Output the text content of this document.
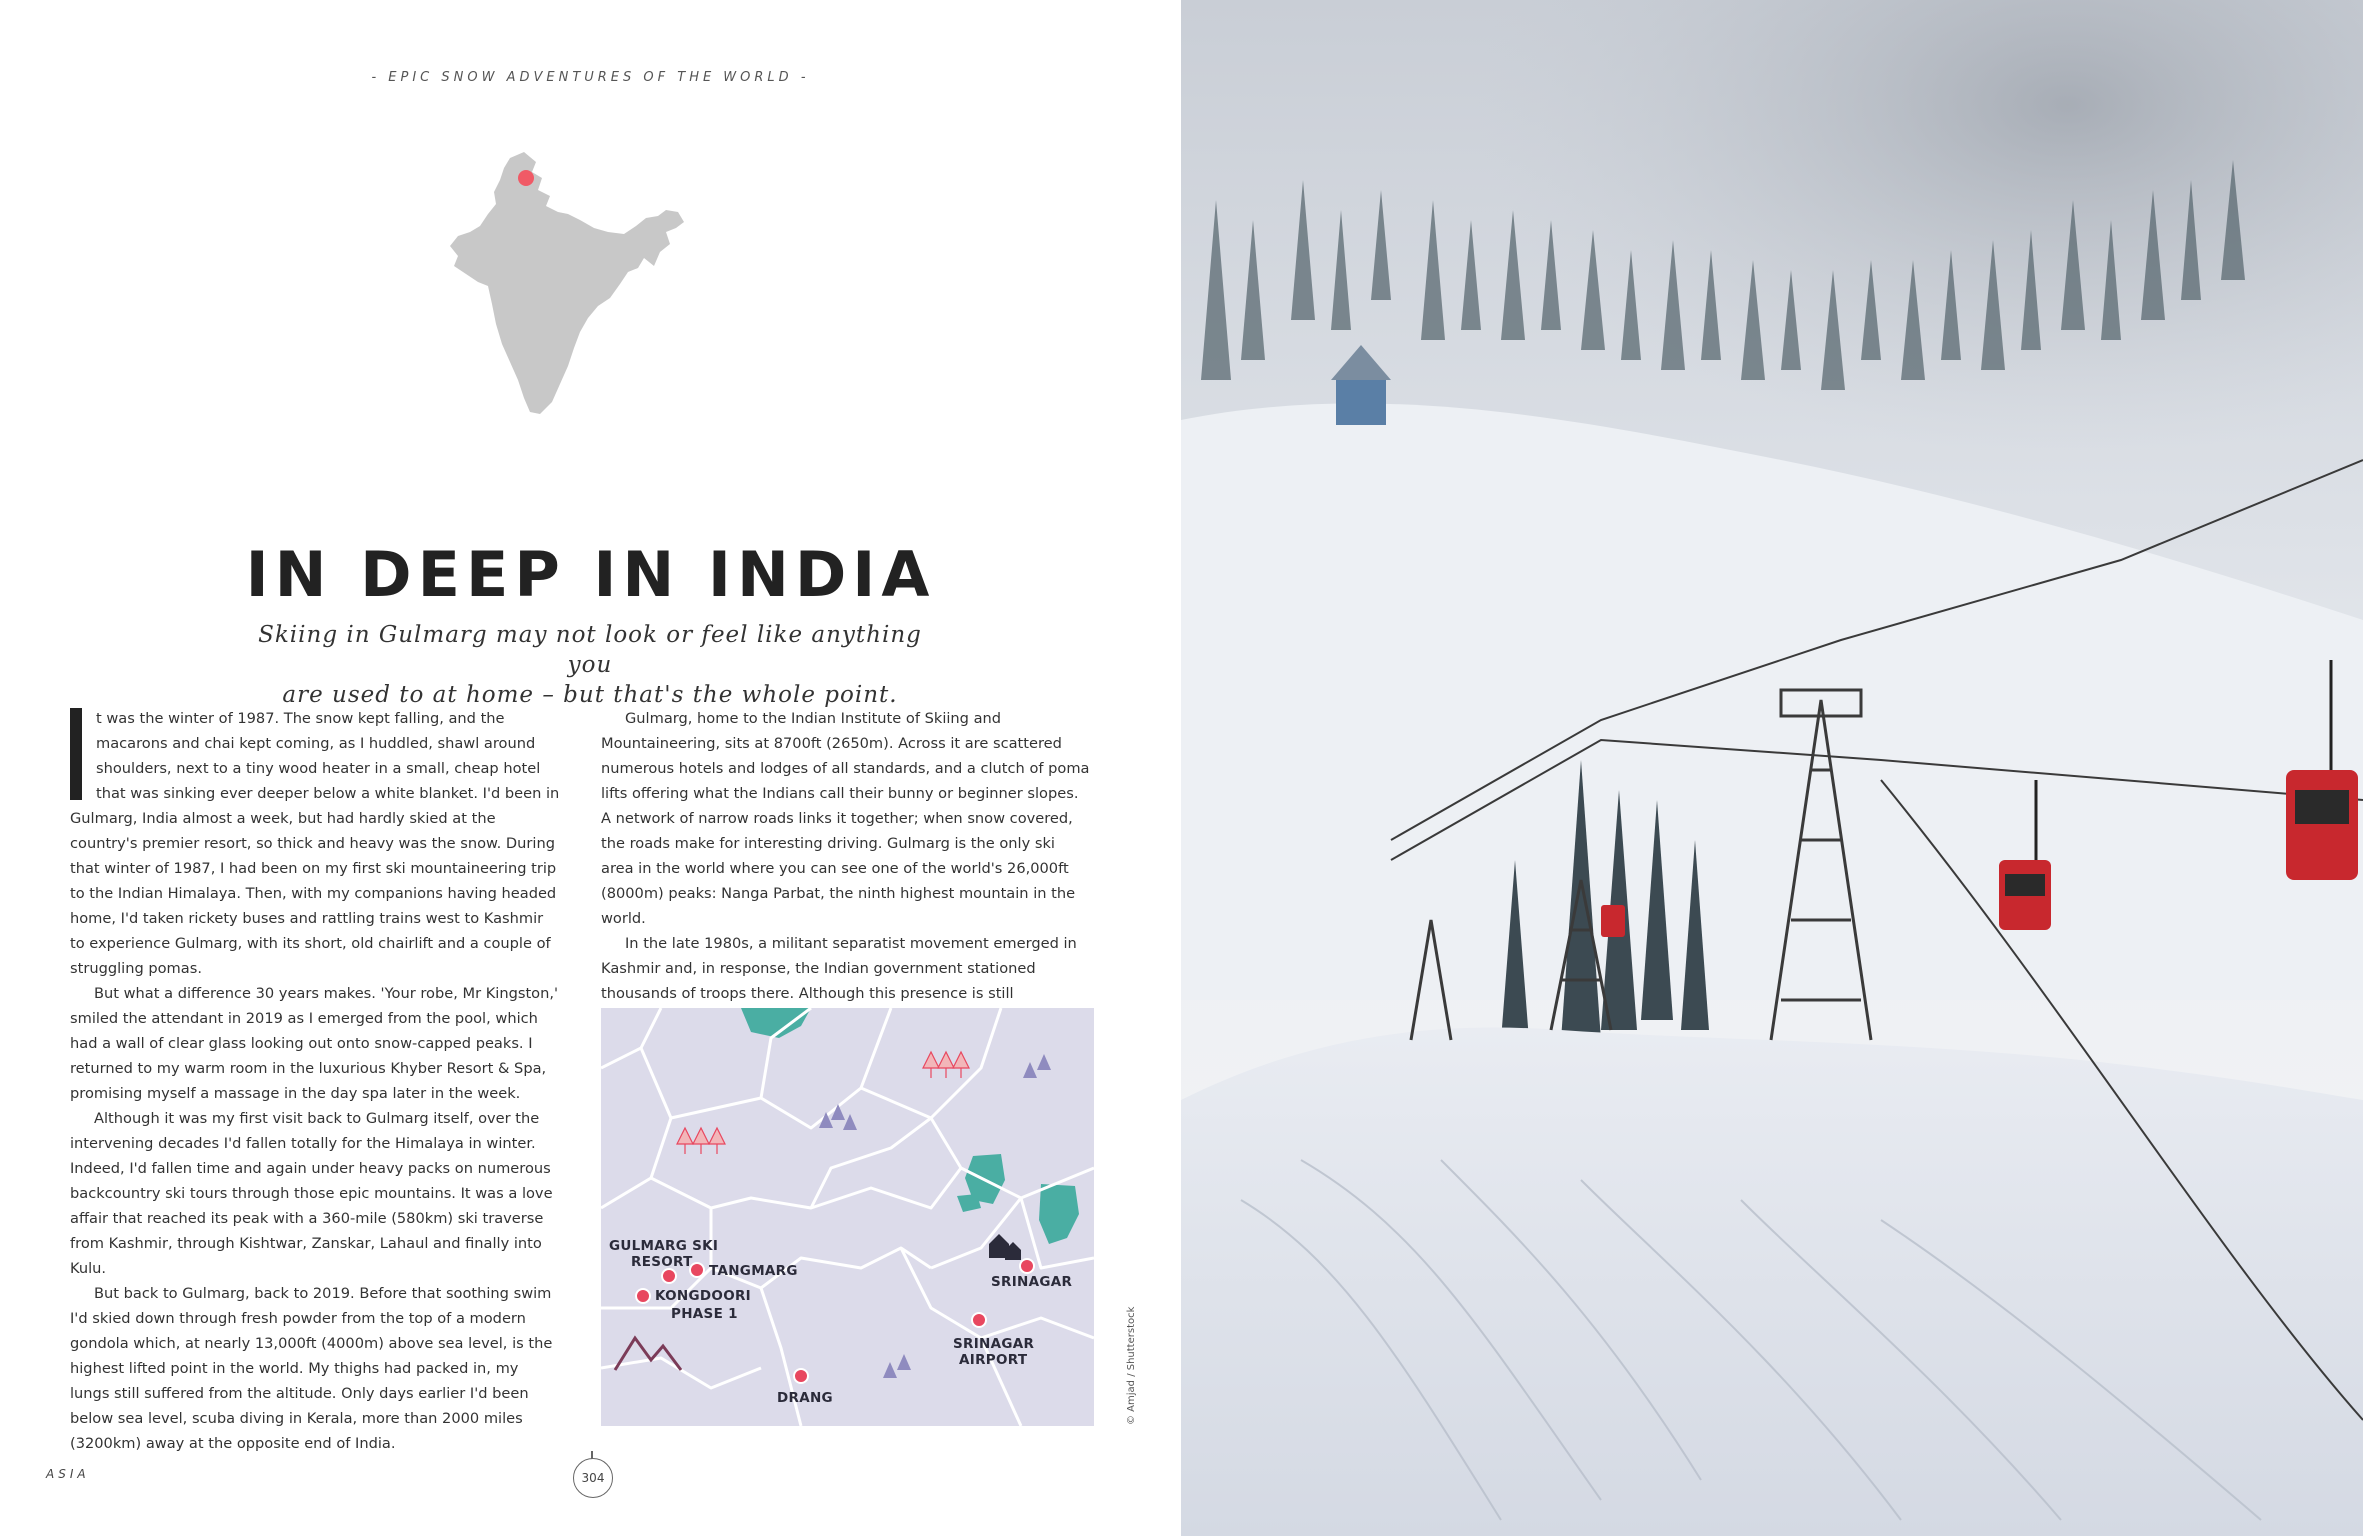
- EPIC SNOW ADVENTURES OF THE WORLD -
IN DEEP IN INDIA
Skiing in Gulmarg may not look or feel like anything you
are used to at home – but that's the whole point.

t was the winter of 1987. The snow kept falling, and the macarons and chai kept coming, as I huddled, shawl around shoulders, next to a tiny wood heater in a small, cheap hotel that was sinking ever deeper below a white blanket. I'd been in Gulmarg, India almost a week, but had hardly skied at the country's premier resort, so thick and heavy was the snow. During that winter of 1987, I had been on my first ski mountaineering trip to the Indian Himalaya. Then, with my companions having headed home, I'd taken rickety buses and rattling trains west to Kashmir to experience Gulmarg, with its short, old chairlift and a couple of struggling pomas.

But what a difference 30 years makes. 'Your robe, Mr Kingston,' smiled the attendant in 2019 as I emerged from the pool, which had a wall of clear glass looking out onto snow-capped peaks. I returned to my warm room in the luxurious Khyber Resort & Spa, promising myself a massage in the day spa later in the week.

Although it was my first visit back to Gulmarg itself, over the intervening decades I'd fallen totally for the Himalaya in winter. Indeed, I'd fallen time and again under heavy packs on numerous backcountry ski tours through those epic mountains. It was a love affair that reached its peak with a 360-mile (580km) ski traverse from Kashmir, through Kishtwar, Zanskar, Lahaul and finally into Kulu.

But back to Gulmarg, back to 2019. Before that soothing swim I'd skied down through fresh powder from the top of a modern gondola which, at nearly 13,000ft (4000m) above sea level, is the highest lifted point in the world. My thighs had packed in, my lungs still suffered from the altitude. Only days earlier I'd been below sea level, scuba diving in Kerala, more than 2000 miles (3200km) away at the opposite end of India.

Gulmarg, home to the Indian Institute of Skiing and Mountaineering, sits at 8700ft (2650m). Across it are scattered numerous hotels and lodges of all standards, and a clutch of poma lifts offering what the Indians call their bunny or beginner slopes. A network of narrow roads links it together; when snow covered, the roads make for interesting driving. Gulmarg is the only ski area in the world where you can see one of the world's 26,000ft (8000m) peaks: Nanga Parbat, the ninth highest mountain in the world.

In the late 1980s, a militant separatist movement emerged in Kashmir and, in response, the Indian government stationed thousands of troops there. Although this presence is still

GULMARG SKI
RESORT
TANGMARG
KONGDOORI
PHASE 1
SRINAGAR
SRINAGAR
AIRPORT
DRANG	© Amjad / Shutterstock
ASIA	304
